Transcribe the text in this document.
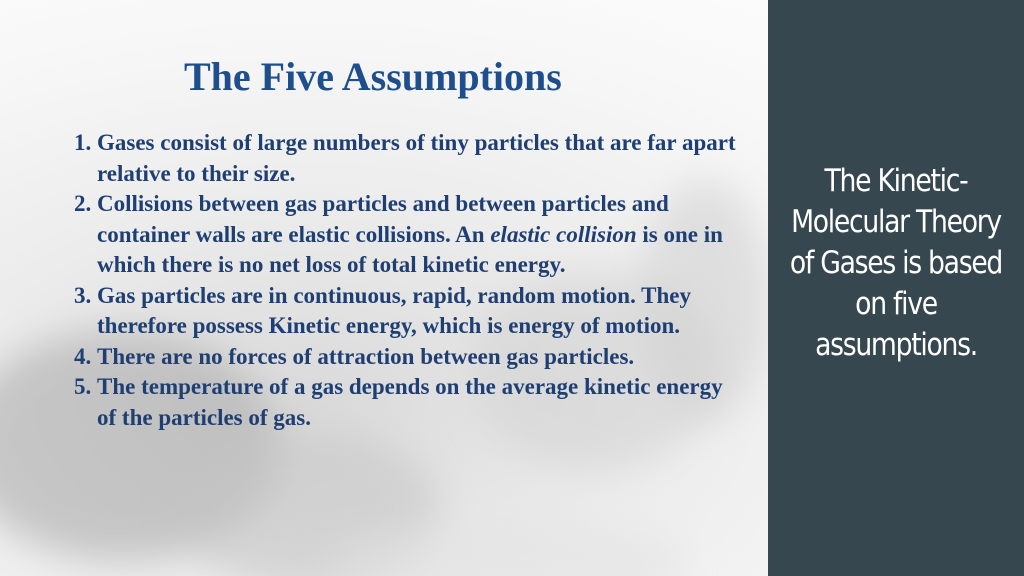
The Five Assumptions
1. Gases consist of large numbers of tiny particles that are far apart relative to their size.
2. Collisions between gas particles and between particles and container walls are elastic collisions. An elastic collision is one in which there is no net loss of total kinetic energy.
3. Gas particles are in continuous, rapid, random motion. They therefore possess Kinetic energy, which is energy of motion.
4. There are no forces of attraction between gas particles.
5. The temperature of a gas depends on the average kinetic energy of the particles of gas.
The Kinetic-Molecular Theory of Gases is based on five assumptions.
